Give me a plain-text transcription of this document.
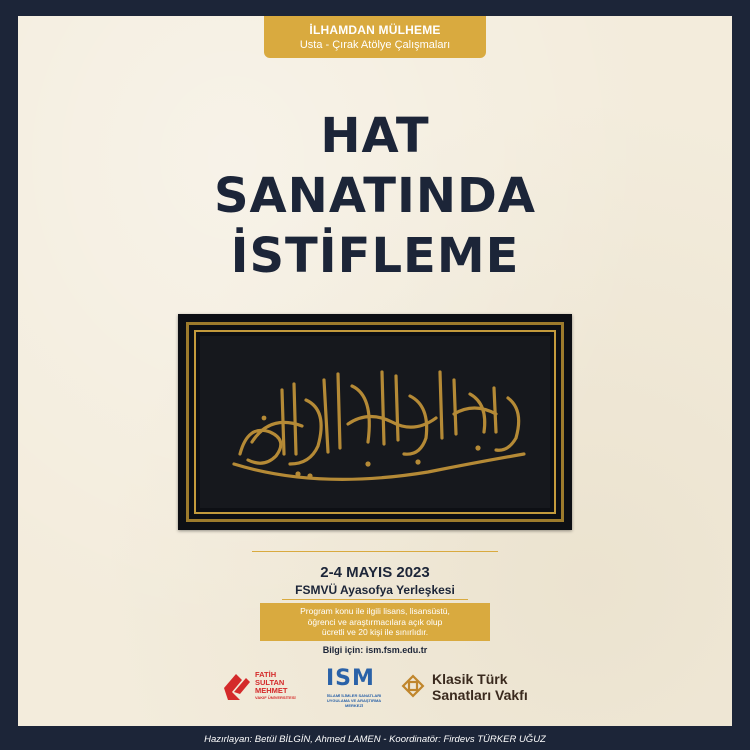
İLHAMDAN MÜLHEME
Usta - Çırak Atölye Çalışmaları
HAT
SANATINDA
İSTİFLEME
2-4 MAYIS 2023
FSMVÜ Ayasofya Yerleşkesi
Program konu ile ilgili lisans, lisansüstü,
öğrenci ve araştırmacılara açık olup
ücretli ve 20 kişi ile sınırlıdır.
Bilgi için: ism.fsm.edu.tr
FATİH
SULTAN
MEHMET
VAKIF ÜNİVERSİTESİ
ISM
İSLAMİ İLİMLER SANATLARI
UYGULAMA VE ARAŞTIRMA MERKEZİ
Klasik Türk
Sanatları Vakfı
Hazırlayan: Betül BİLGİN, Ahmed LAMEN - Koordinatör: Firdevs TÜRKER UĞUZ
